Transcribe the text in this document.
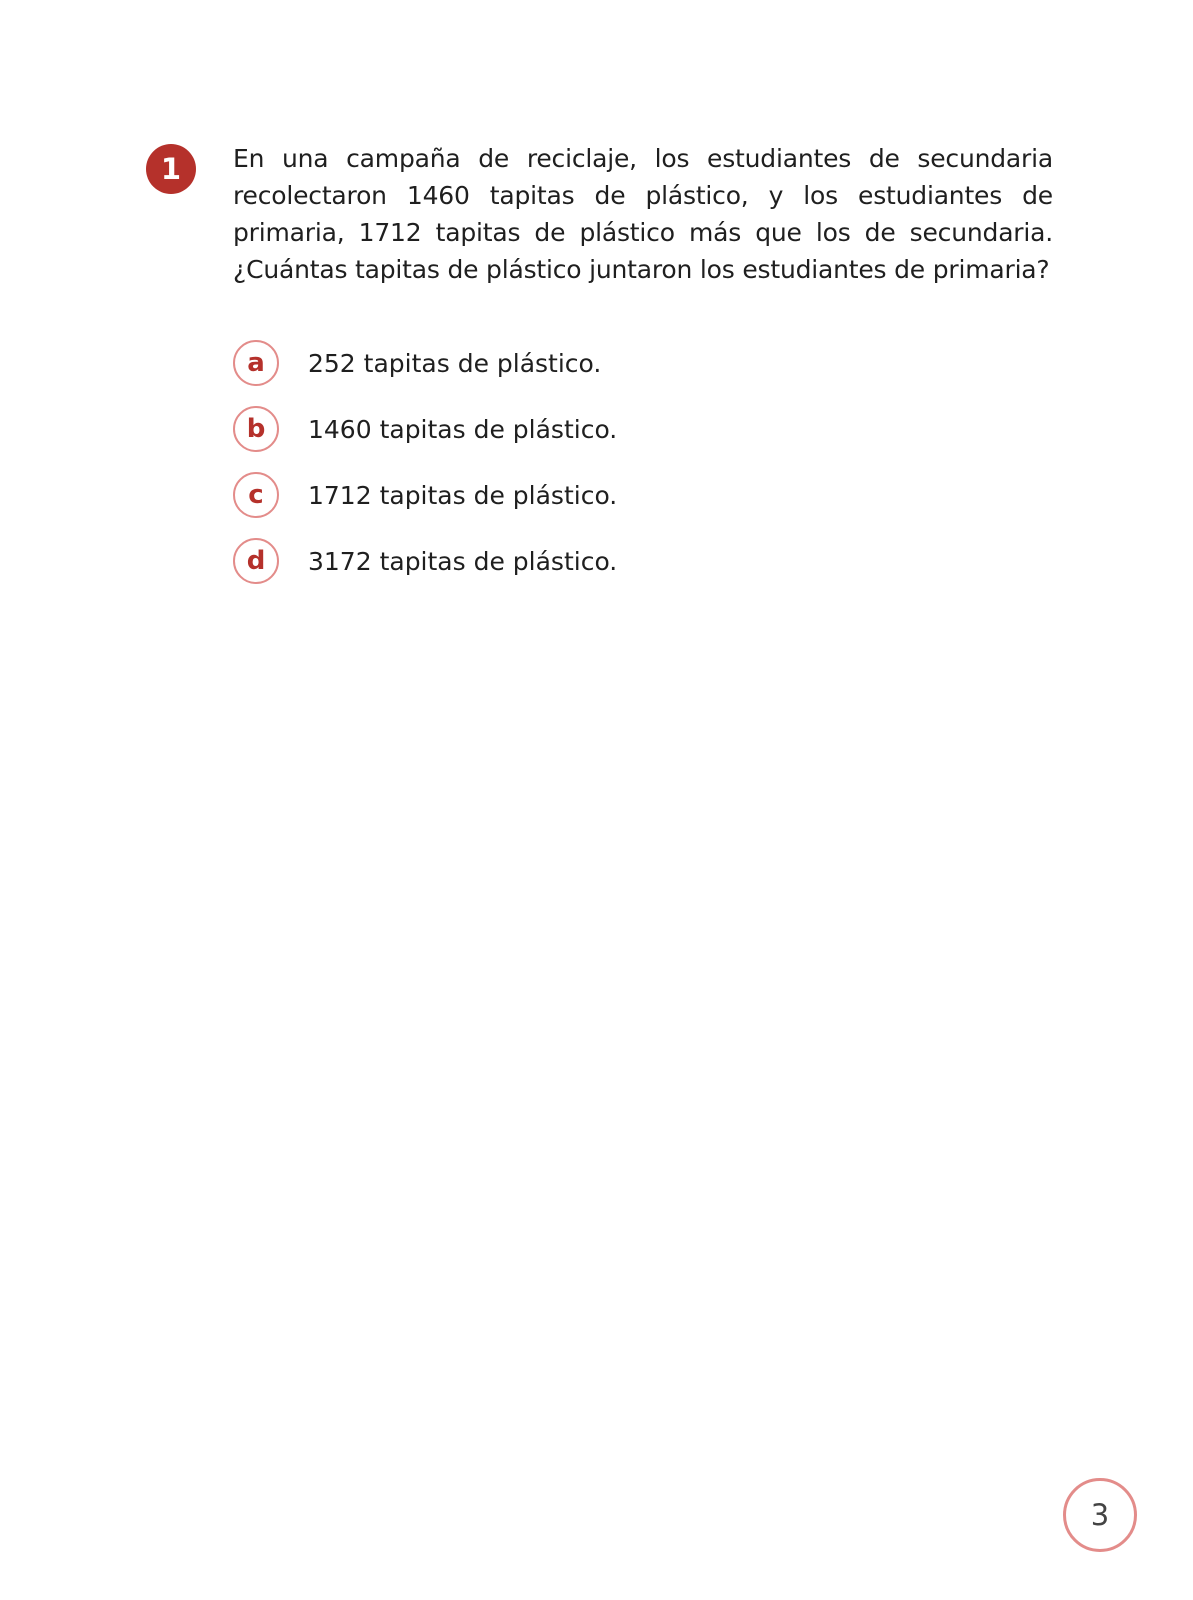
1	En una campaña de reciclaje, los estudiantes de secundaria recolectaron 1460 tapitas de plástico, y los estudiantes de primaria, 1712 tapitas de plástico más que los de secundaria. ¿Cuántas tapitas de plástico juntaron los estudiantes de primaria?

a	252 tapitas de plástico.
b	1460 tapitas de plástico.
c	1712 tapitas de plástico.
d	3172 tapitas de plástico.
3
